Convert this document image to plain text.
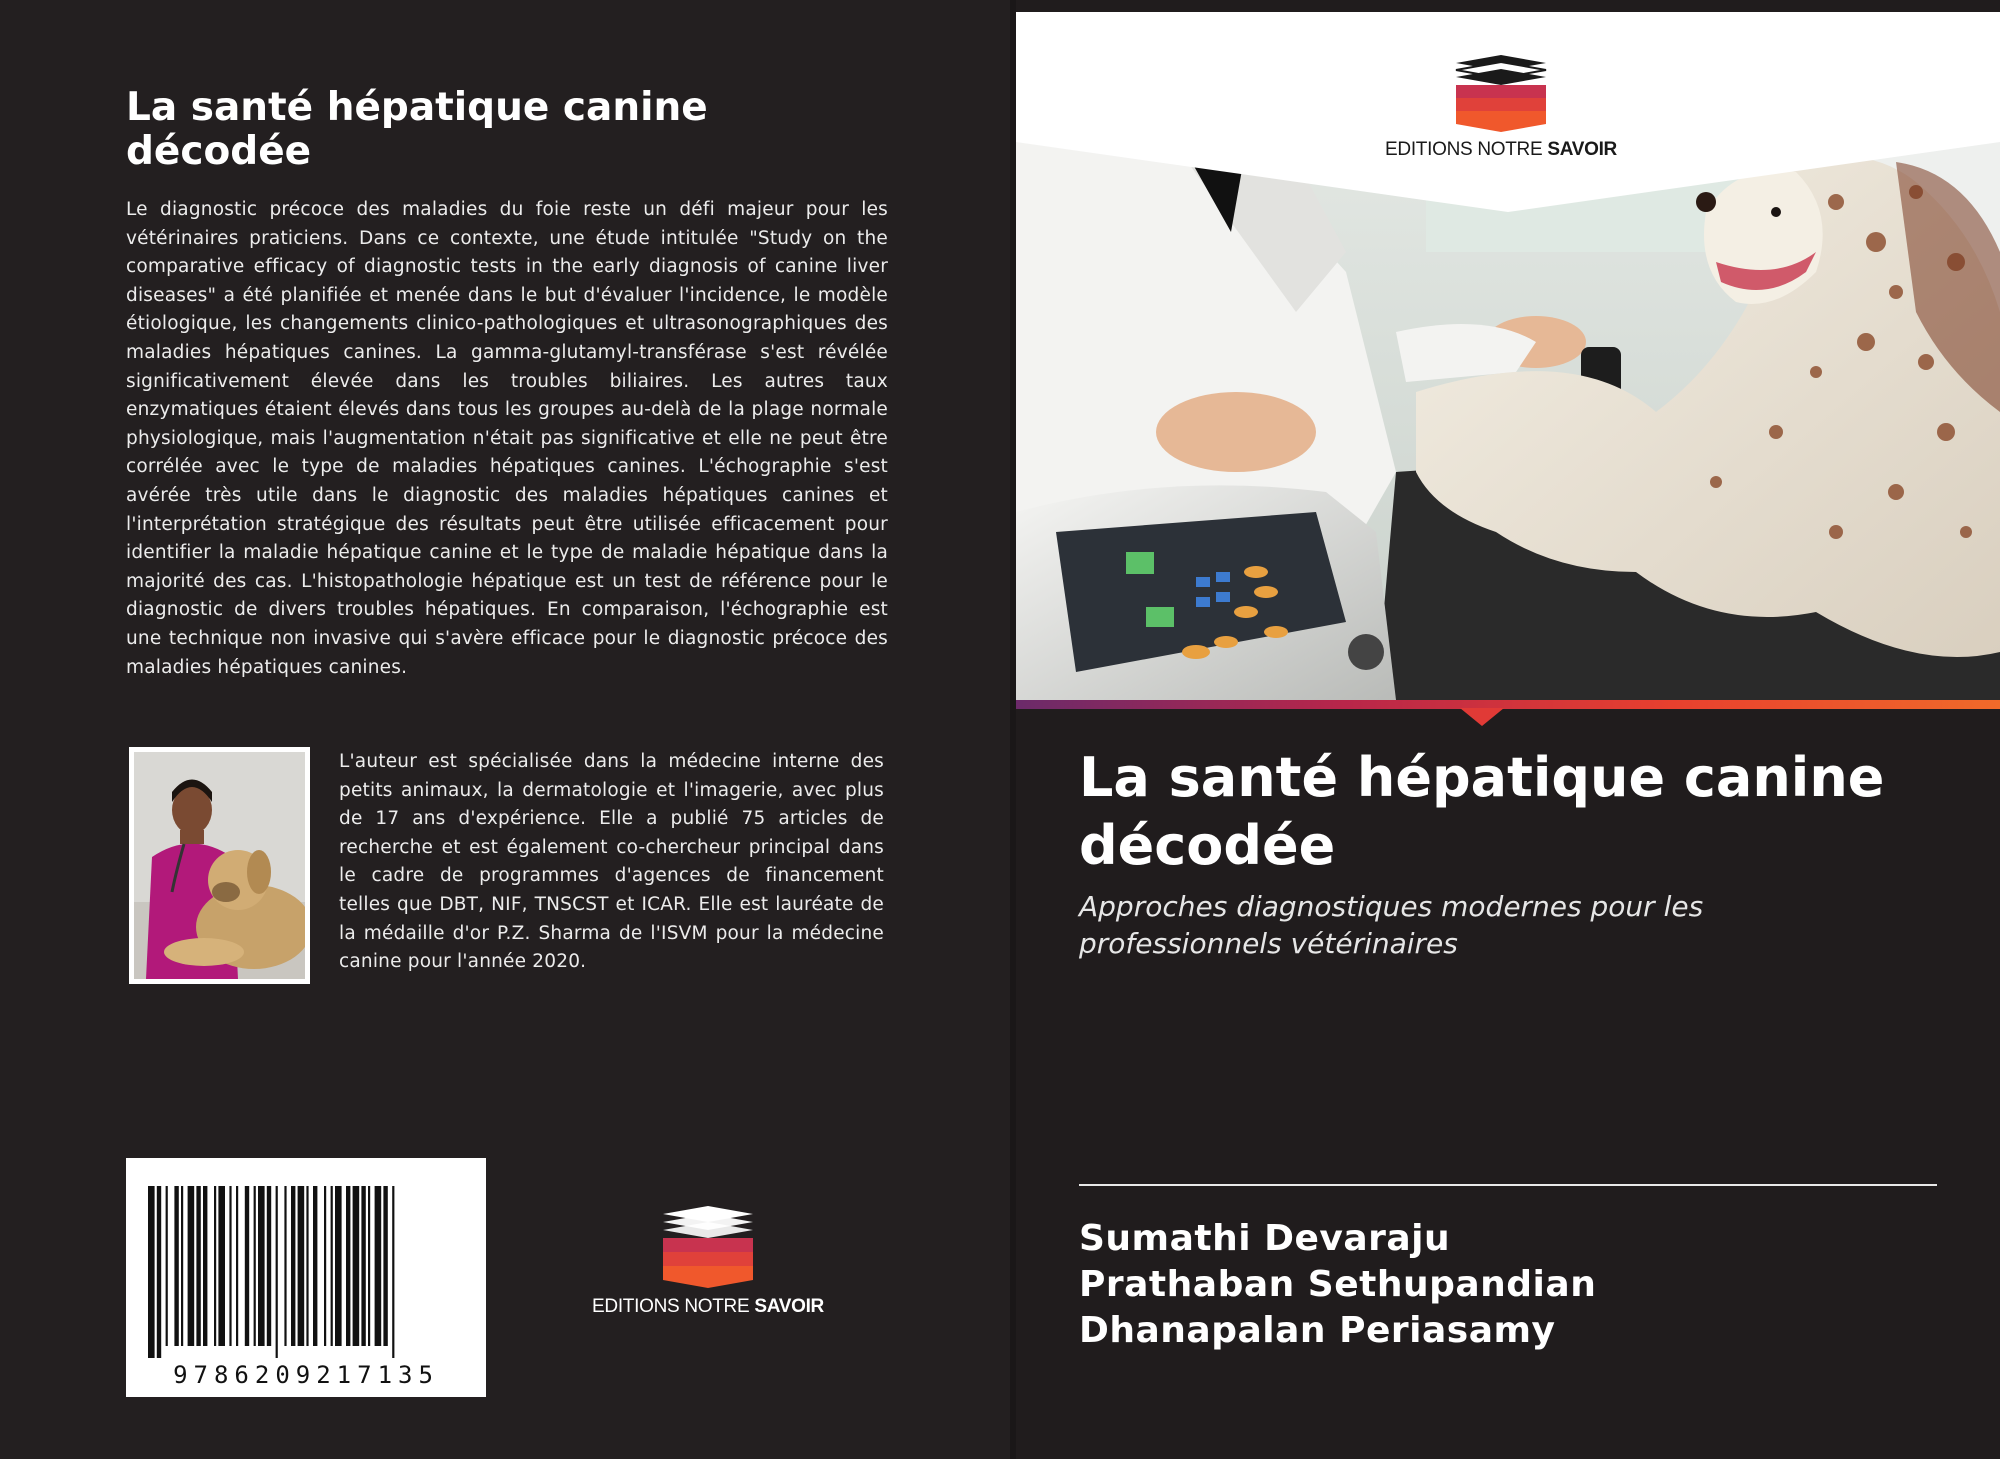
La santé hépatique canine décodée
Le diagnostic précoce des maladies du foie reste un défi majeur pour les vétérinaires praticiens. Dans ce contexte, une étude intitulée "Study on the comparative efficacy of diagnostic tests in the early diagnosis of canine liver diseases" a été planifiée et menée dans le but d'évaluer l'incidence, le modèle étiologique, les changements clinico-pathologiques et ultrasonographiques des maladies hépatiques canines. La gamma-glutamyl-transférase s'est révélée significativement élevée dans les troubles biliaires. Les autres taux enzymatiques étaient élevés dans tous les groupes au-delà de la plage normale physiologique, mais l'augmentation n'était pas significative et elle ne peut être corrélée avec le type de maladies hépatiques canines. L'échographie s'est avérée très utile dans le diagnostic des maladies hépatiques canines et l'interprétation stratégique des résultats peut être utilisée efficacement pour identifier la maladie hépatique canine et le type de maladie hépatique dans la majorité des cas. L'histopathologie hépatique est un test de référence pour le diagnostic de divers troubles hépatiques. En comparaison, l'échographie est une technique non invasive qui s'avère efficace pour le diagnostic précoce des maladies hépatiques canines.
L'auteur est spécialisée dans la médecine interne des petits animaux, la dermatologie et l'imagerie, avec plus de 17 ans d'expérience. Elle a publié 75 articles de recherche et est également co-chercheur principal dans le cadre de programmes d'agences de financement telles que DBT, NIF, TNSCST et ICAR. Elle est lauréate de la médaille d'or P.Z. Sharma de l'ISVM pour la médecine canine pour l'année 2020.
9786209217135
EDITIONS NOTRE SAVOIR
EDITIONS NOTRE SAVOIR
La santé hépatique canine décodée
Approches diagnostiques modernes pour les professionnels vétérinaires
Sumathi Devaraju
Prathaban Sethupandian
Dhanapalan Periasamy
